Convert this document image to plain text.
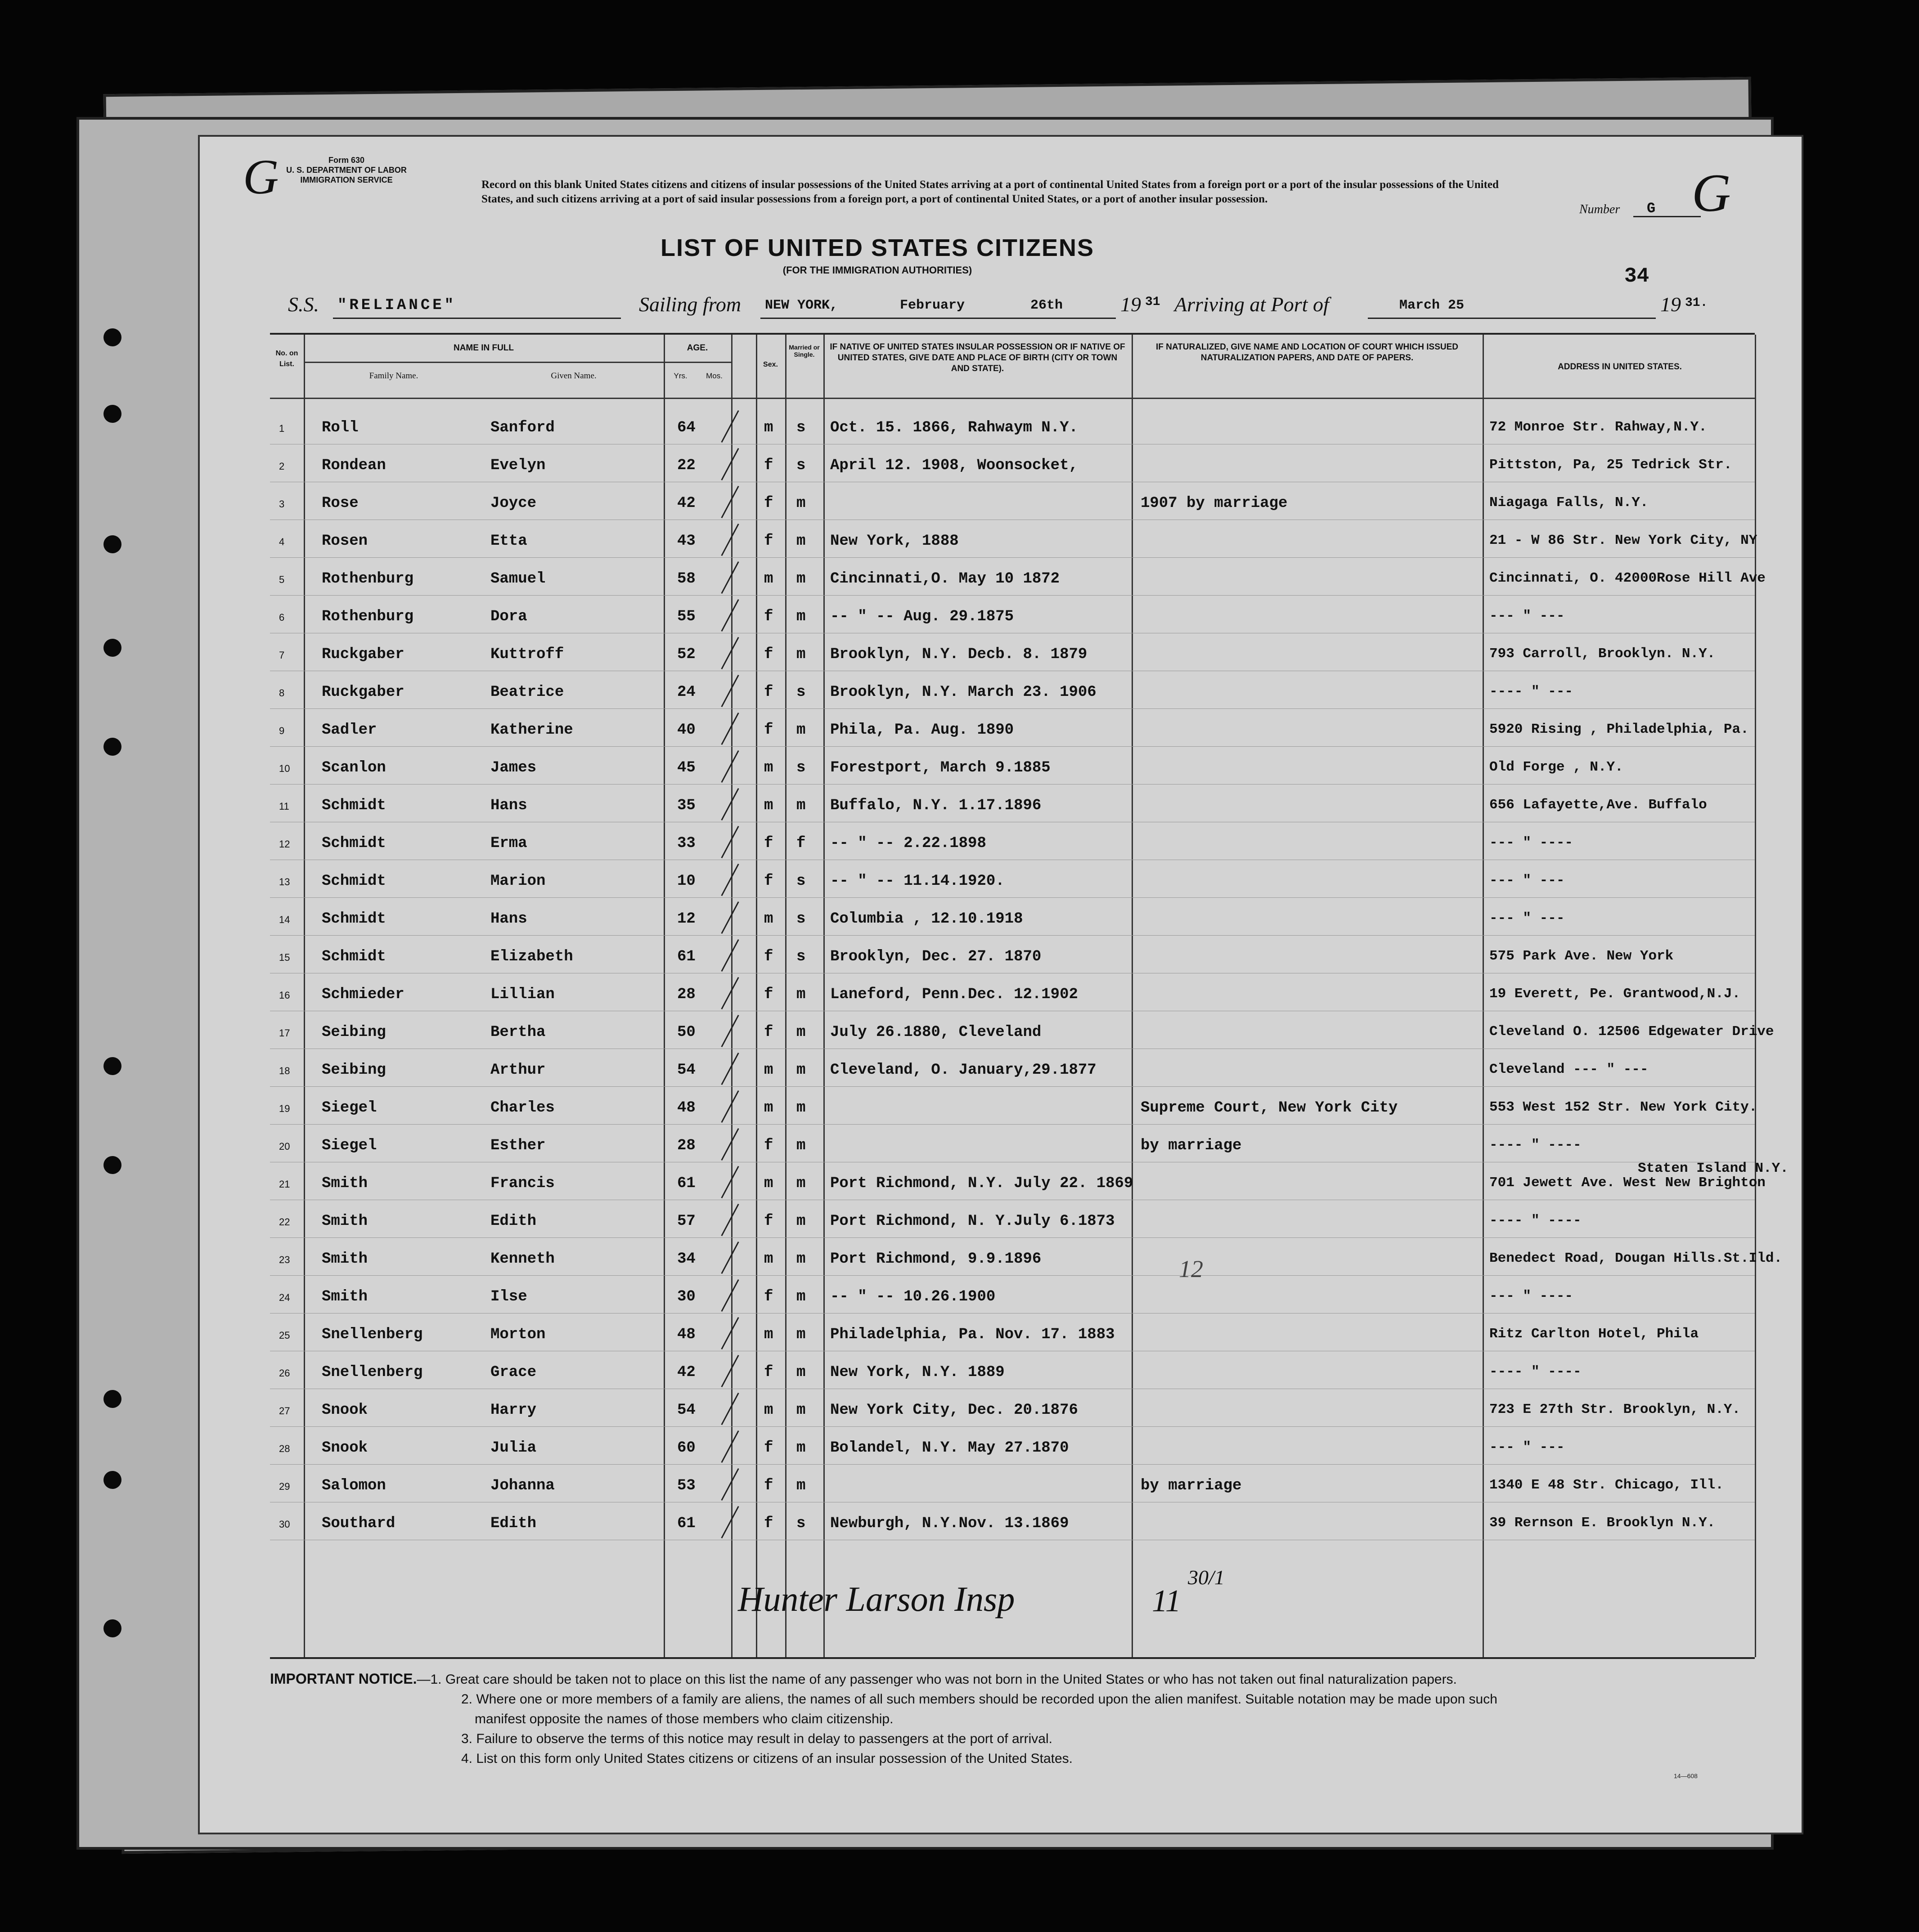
G	G
Form 630
U. S. DEPARTMENT OF LABOR
IMMIGRATION SERVICE	Record on this blank United States citizens and citizens of insular possessions of the United States arriving at a port of continental United States from a foreign port or a port of the insular possessions of the United States, and such citizens arriving at a port of said insular possessions from a foreign port, a port of continental United States, or a port of another insular possession.
Number G
LIST OF UNITED STATES CITIZENS
(FOR THE IMMIGRATION AUTHORITIES)	34
S.S. "RELIANCE"	Sailing from NEW YORK,	February	26th	19 31 Arriving at Port of	March 25	19 31.
No. on List.
NAME IN FULL
Family Name.	Given Name.
AGE.
Yrs.	Mos.
Sex.
Married or Single.
IF NATIVE OF UNITED STATES INSULAR POSSESSION OR IF NATIVE OF UNITED STATES, GIVE DATE AND PLACE OF BIRTH (CITY OR TOWN AND STATE).
IF NATURALIZED, GIVE NAME AND LOCATION OF COURT WHICH ISSUED NATURALIZATION PAPERS, AND DATE OF PAPERS.
ADDRESS IN UNITED STATES.
1 Roll	Sanford	64	m s Oct. 15. 1866, Rahwaym N.Y.	72 Monroe Str. Rahway,N.Y.
2 Rondean	Evelyn	22	f s April 12. 1908, Woonsocket,	Pittston, Pa, 25 Tedrick Str.
3 Rose	Joyce	42	f m	1907 by marriage	Niagaga Falls, N.Y.
4 Rosen	Etta	43	f m New York, 1888	21 - W 86 Str. New York City, NY
5 Rothenburg	Samuel	58	m m Cincinnati,O. May 10 1872	Cincinnati, O. 42000Rose Hill Ave
6 Rothenburg	Dora	55	f m -- " -- Aug. 29.1875	--- " ---
7 Ruckgaber	Kuttroff	52	f m Brooklyn, N.Y. Decb. 8. 1879	793 Carroll, Brooklyn. N.Y.
8 Ruckgaber	Beatrice	24	f s Brooklyn, N.Y. March 23. 1906	---- " ---
9 Sadler	Katherine	40	f m Phila, Pa. Aug. 1890	5920 Rising , Philadelphia, Pa.
10 Scanlon	James	45	m s Forestport, March 9.1885	Old Forge , N.Y.
11 Schmidt	Hans	35	m m Buffalo, N.Y. 1.17.1896	656 Lafayette,Ave. Buffalo
12 Schmidt	Erma	33	f f -- " -- 2.22.1898	--- " ----
13 Schmidt	Marion	10	f s -- " -- 11.14.1920.	--- " ---
14 Schmidt	Hans	12	m s Columbia , 12.10.1918	--- " ---
15 Schmidt	Elizabeth	61	f s Brooklyn, Dec. 27. 1870	575 Park Ave. New York
16 Schmieder	Lillian	28	f m Laneford, Penn.Dec. 12.1902	19 Everett, Pe. Grantwood,N.J.
17 Seibing	Bertha	50	f m July 26.1880, Cleveland	Cleveland O. 12506 Edgewater Drive
18 Seibing	Arthur	54	m m Cleveland, O. January,29.1877	Cleveland --- " ---
19 Siegel	Charles	48	m m	Supreme Court, New York City	553 West 152 Str. New York City.
20 Siegel	Esther	28	f m	by marriage	---- " ----
21 Smith	Francis	61	m m Port Richmond, N.Y. July 22. 1869	701 Jewett Ave. West New Brighton
Staten Island N.Y.
22 Smith	Edith	57	f m Port Richmond, N. Y.July 6.1873	---- " ----
23 Smith	Kenneth	34	m m Port Richmond, 9.9.1896	Benedect Road, Dougan Hills.St.Ild.
24 Smith	Ilse	30	f m -- " -- 10.26.1900	--- " ----
25 Snellenberg	Morton	48	m m Philadelphia, Pa. Nov. 17. 1883	Ritz Carlton Hotel, Phila
26 Snellenberg	Grace	42	f m New York, N.Y. 1889	---- " ----
27 Snook	Harry	54	m m New York City, Dec. 20.1876	723 E 27th Str. Brooklyn, N.Y.
28 Snook	Julia	60	f m Bolandel, N.Y. May 27.1870	--- " ---
29 Salomon	Johanna	53	f m	by marriage	1340 E 48 Str. Chicago, Ill.
30 Southard	Edith	61	f s Newburgh, N.Y.Nov. 13.1869	39 Rernson E. Brooklyn N.Y.
Hunter Larson Insp	11
30/1
12
IMPORTANT NOTICE.—1. Great care should be taken not to place on this list the name of any passenger who was not born in the United States or who has not taken out final naturalization papers.
2. Where one or more members of a family are aliens, the names of all such members should be recorded upon the alien manifest. Suitable notation may be made upon such
manifest opposite the names of those members who claim citizenship.
3. Failure to observe the terms of this notice may result in delay to passengers at the port of arrival.
4. List on this form only United States citizens or citizens of an insular possession of the United States.
14—608
